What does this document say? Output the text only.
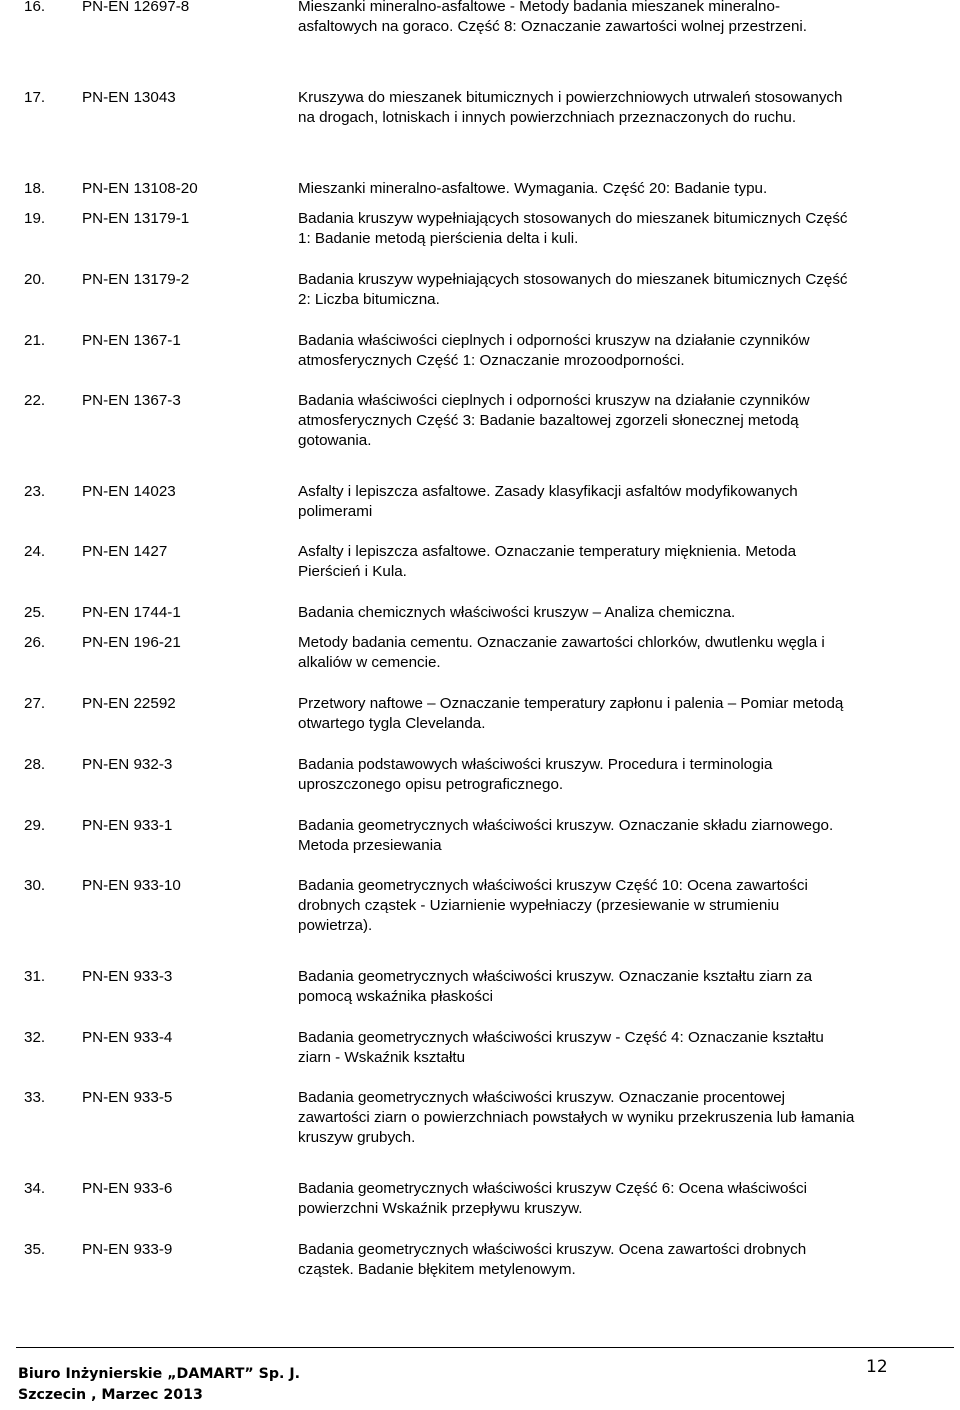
16. PN-EN 12697-8	Mieszanki mineralno-asfaltowe - Metody badania mieszanek mineralno-
asfaltowych na goraco. Część 8: Oznaczanie zawartości wolnej przestrzeni.
17. PN-EN 13043	Kruszywa do mieszanek bitumicznych i powierzchniowych utrwaleń stosowanych
na drogach, lotniskach i innych powierzchniach przeznaczonych do ruchu.
18. PN-EN 13108-20	Mieszanki mineralno-asfaltowe. Wymagania. Część 20: Badanie typu.
19. PN-EN 13179-1	Badania kruszyw wypełniających stosowanych do mieszanek bitumicznych Część
1: Badanie metodą pierścienia delta i kuli.
20. PN-EN 13179-2	Badania kruszyw wypełniających stosowanych do mieszanek bitumicznych Część
2: Liczba bitumiczna.
21. PN-EN 1367-1	Badania właściwości cieplnych i odporności kruszyw na działanie czynników
atmosferycznych Część 1: Oznaczanie mrozoodporności.
22. PN-EN 1367-3	Badania właściwości cieplnych i odporności kruszyw na działanie czynników
atmosferycznych Część 3: Badanie bazaltowej zgorzeli słonecznej metodą
gotowania.
23. PN-EN 14023	Asfalty i lepiszcza asfaltowe. Zasady klasyfikacji asfaltów modyfikowanych
polimerami
24. PN-EN 1427	Asfalty i lepiszcza asfaltowe. Oznaczanie temperatury mięknienia. Metoda
Pierścień i Kula.
25. PN-EN 1744-1	Badania chemicznych właściwości kruszyw – Analiza chemiczna.
26. PN-EN 196-21	Metody badania cementu. Oznaczanie zawartości chlorków, dwutlenku węgla i
alkaliów w cemencie.
27. PN-EN 22592	Przetwory naftowe – Oznaczanie temperatury zapłonu i palenia – Pomiar metodą
otwartego tygla Clevelanda.
28. PN-EN 932-3	Badania podstawowych właściwości kruszyw. Procedura i terminologia
uproszczonego opisu petrograficznego.
29. PN-EN 933-1	Badania geometrycznych właściwości kruszyw. Oznaczanie składu ziarnowego.
Metoda przesiewania
30. PN-EN 933-10	Badania geometrycznych właściwości kruszyw Część 10: Ocena zawartości
drobnych cząstek - Uziarnienie wypełniaczy (przesiewanie w strumieniu
powietrza).
31. PN-EN 933-3	Badania geometrycznych właściwości kruszyw. Oznaczanie kształtu ziarn za
pomocą wskaźnika płaskości
32. PN-EN 933-4	Badania geometrycznych właściwości kruszyw - Część 4: Oznaczanie kształtu
ziarn - Wskaźnik kształtu
33. PN-EN 933-5	Badania geometrycznych właściwości kruszyw. Oznaczanie procentowej
zawartości ziarn o powierzchniach powstałych w wyniku przekruszenia lub łamania
kruszyw grubych.
34. PN-EN 933-6	Badania geometrycznych właściwości kruszyw Część 6: Ocena właściwości
powierzchni Wskaźnik przepływu kruszyw.
35. PN-EN 933-9	Badania geometrycznych właściwości kruszyw. Ocena zawartości drobnych
cząstek. Badanie błękitem metylenowym.
Biuro Inżynierskie „DAMART” Sp. J.
Szczecin , Marzec 2013
12
